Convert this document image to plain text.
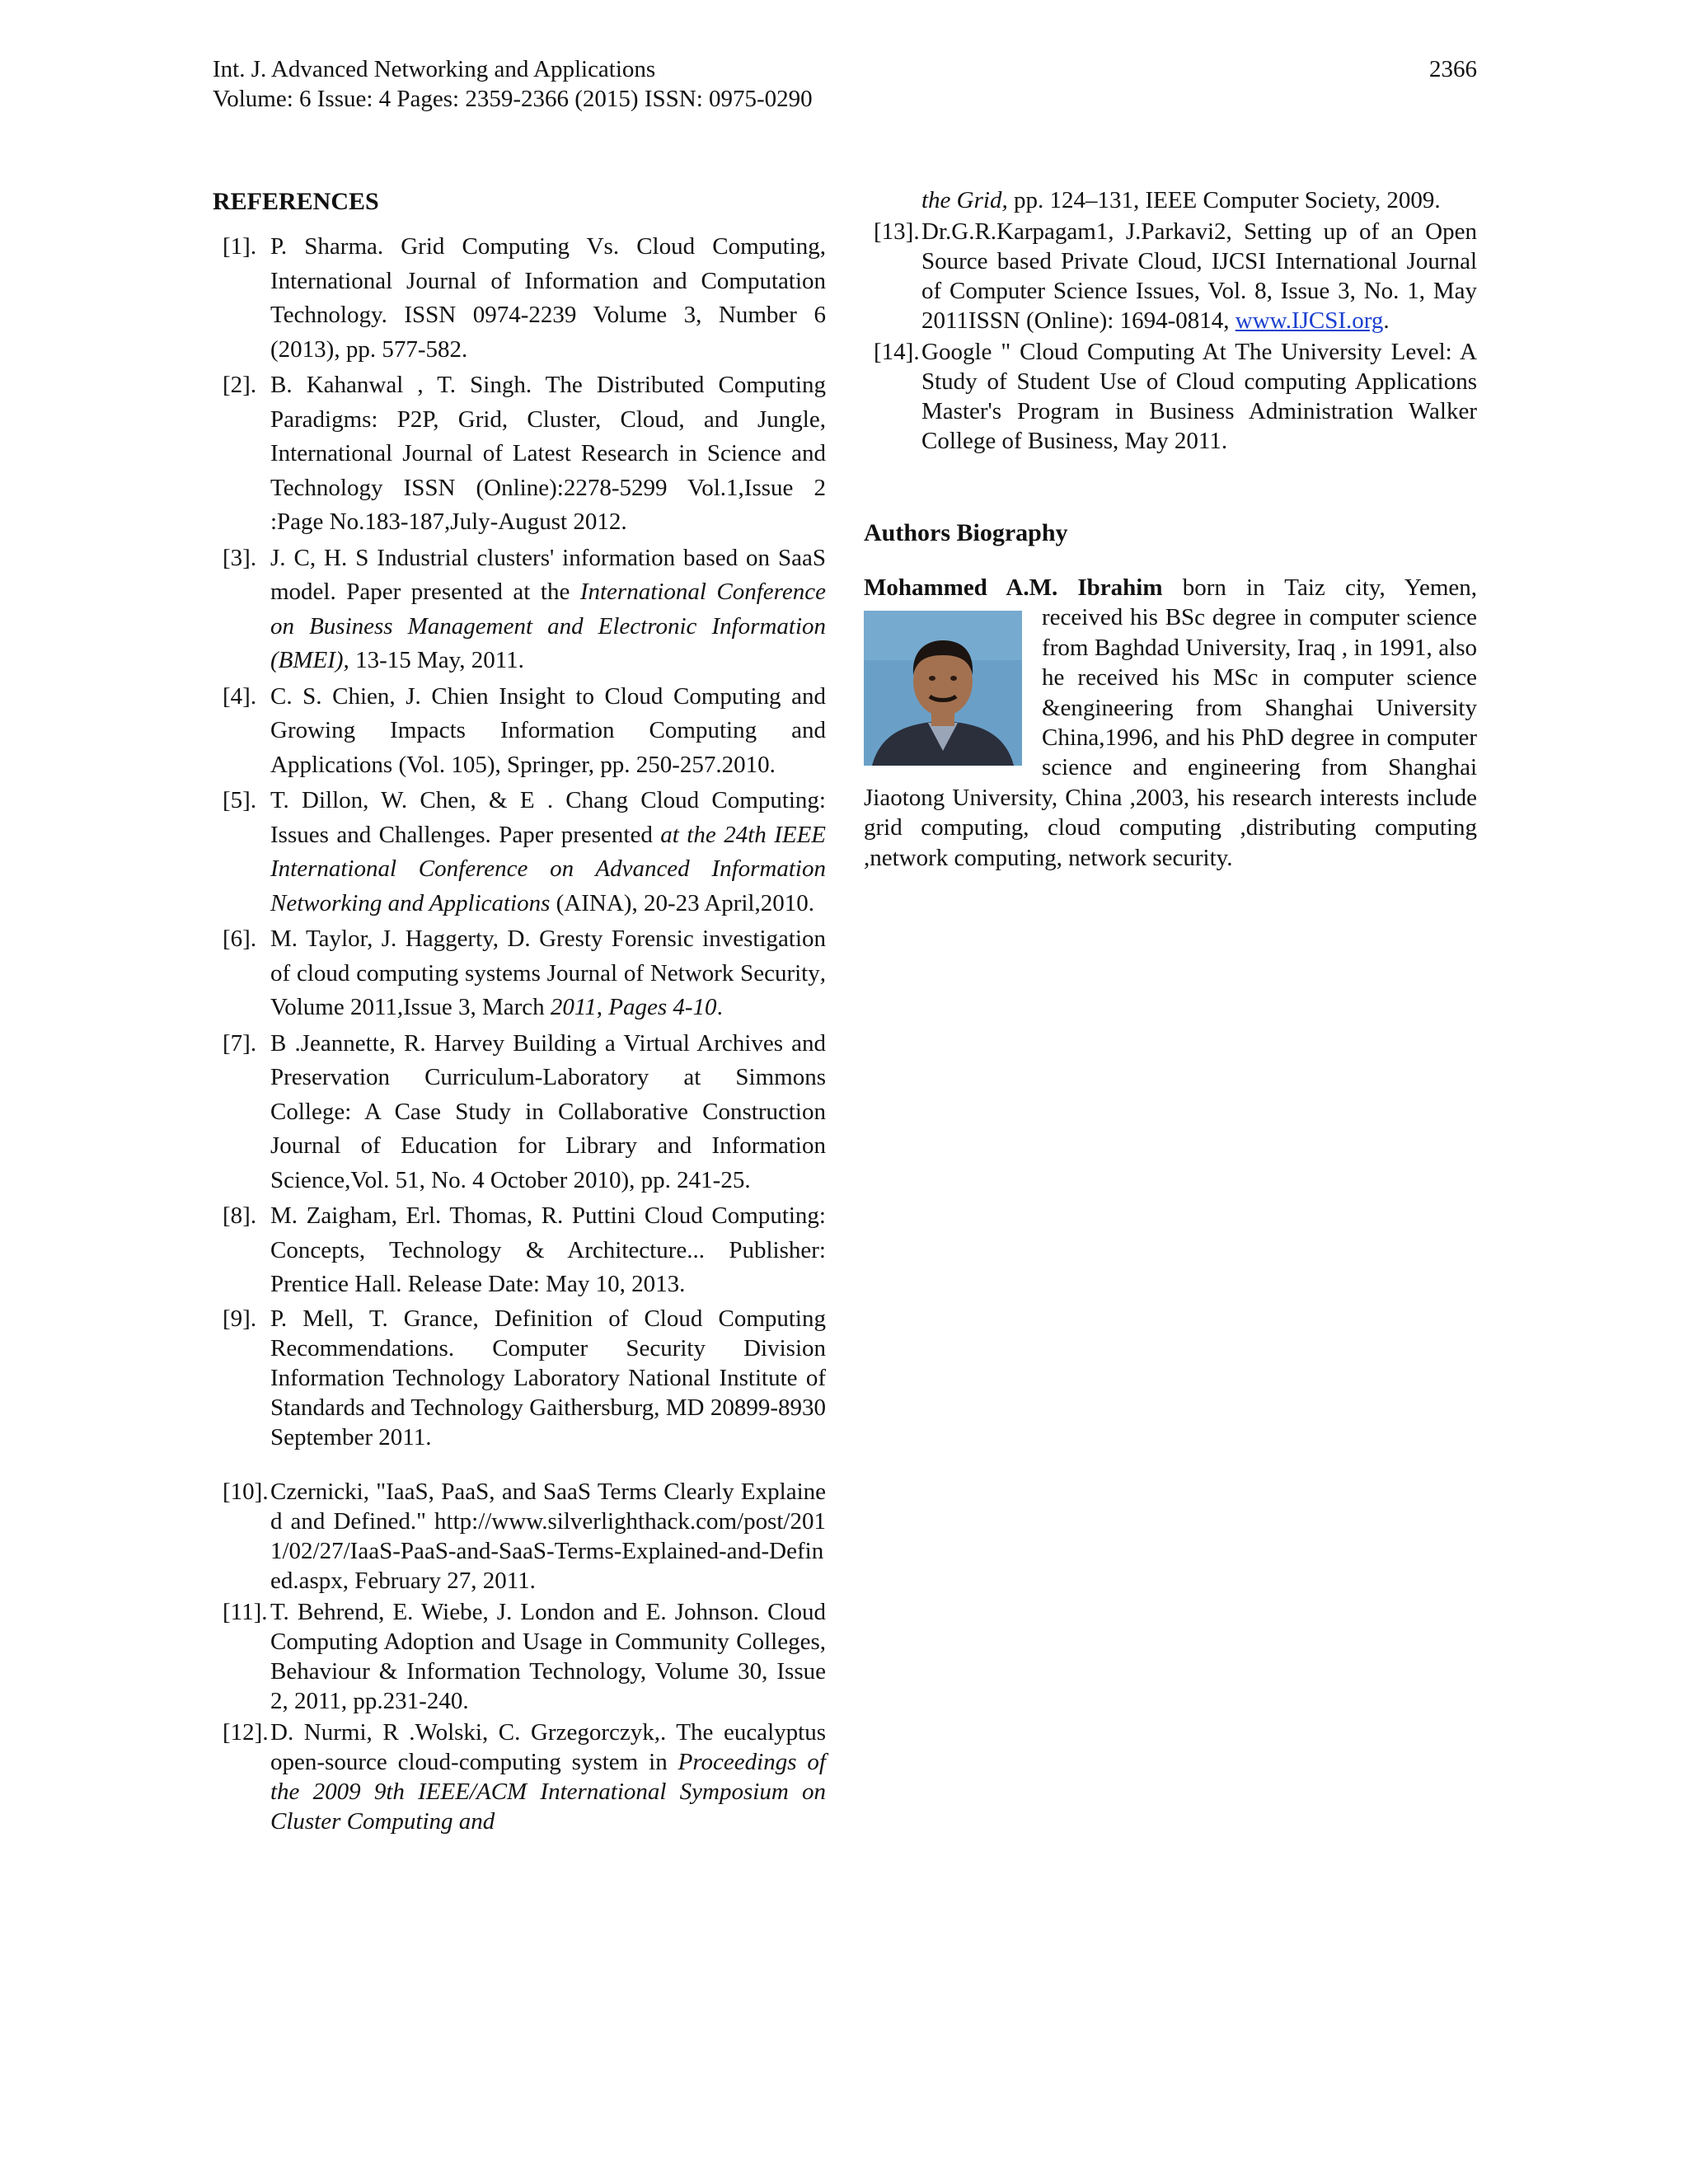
Int. J. Advanced Networking and Applications
Volume: 6 Issue: 4 Pages: 2359-2366 (2015) ISSN: 0975-0290
2366
REFERENCES
[1]. P. Sharma. Grid Computing Vs. Cloud Computing, International Journal of Information and Computation Technology. ISSN 0974-2239 Volume 3, Number 6 (2013), pp. 577-582.
[2]. B. Kahanwal , T. Singh. The Distributed Computing Paradigms: P2P, Grid, Cluster, Cloud, and Jungle, International Journal of Latest Research in Science and Technology ISSN (Online):2278-5299 Vol.1,Issue 2 :Page No.183-187,July-August 2012.
[3]. J. C, H. S Industrial clusters' information based on SaaS model. Paper presented at the International Conference on Business Management and Electronic Information (BMEI), 13-15 May, 2011.
[4]. C. S. Chien, J. Chien Insight to Cloud Computing and Growing Impacts Information Computing and Applications (Vol. 105), Springer, pp. 250-257.2010.
[5]. T. Dillon, W. Chen, & E . Chang Cloud Computing: Issues and Challenges. Paper presented at the 24th IEEE International Conference on Advanced Information Networking and Applications (AINA), 20-23 April,2010.
[6]. M. Taylor, J. Haggerty, D. Gresty Forensic investigation of cloud computing systems Journal of Network Security, Volume 2011,Issue 3, March 2011, Pages 4-10.
[7]. B .Jeannette, R. Harvey Building a Virtual Archives and Preservation Curriculum-Laboratory at Simmons College: A Case Study in Collaborative Construction Journal of Education for Library and Information Science,Vol. 51, No. 4 October 2010), pp. 241-25.
[8]. M. Zaigham, Erl. Thomas, R. Puttini Cloud Computing: Concepts, Technology & Architecture... Publisher: Prentice Hall. Release Date: May 10, 2013.
[9]. P. Mell, T. Grance, Definition of Cloud Computing Recommendations. Computer Security Division Information Technology Laboratory National Institute of Standards and Technology Gaithersburg, MD 20899-8930 September 2011.
[10]. Czernicki, "IaaS, PaaS, and SaaS Terms Clearly Explained and Defined." http://www.silverlighthack.com/post/2011/02/27/IaaS-PaaS-and-SaaS-Terms-Explained-and-Defined.aspx, February 27, 2011.
[11]. T. Behrend, E. Wiebe, J. London and E. Johnson. Cloud Computing Adoption and Usage in Community Colleges, Behaviour & Information Technology, Volume 30, Issue 2, 2011, pp.231-240.
[12]. D. Nurmi, R .Wolski, C. Grzegorczyk,. The eucalyptus open-source cloud-computing system in Proceedings of the 2009 9th IEEE/ACM International Symposium on Cluster Computing and
the Grid, pp. 124–131, IEEE Computer Society, 2009.
[13]. Dr.G.R.Karpagam1, J.Parkavi2, Setting up of an Open Source based Private Cloud, IJCSI International Journal of Computer Science Issues, Vol. 8, Issue 3, No. 1, May 2011ISSN (Online): 1694-0814, www.IJCSI.org.
[14]. Google " Cloud Computing At The University Level: A Study of Student Use of Cloud computing Applications Master's Program in Business Administration Walker College of Business, May 2011.
Authors Biography
Mohammed A.M. Ibrahim born in Taiz city, Yemen,
received his BSc degree in computer science from Baghdad University, Iraq , in 1991, also he received his MSc in computer science &engineering from Shanghai University China,1996, and his PhD degree in computer science and engineering from Shanghai Jiaotong University, China ,2003, his research interests include grid computing, cloud computing ,distributing computing ,network computing, network security.
